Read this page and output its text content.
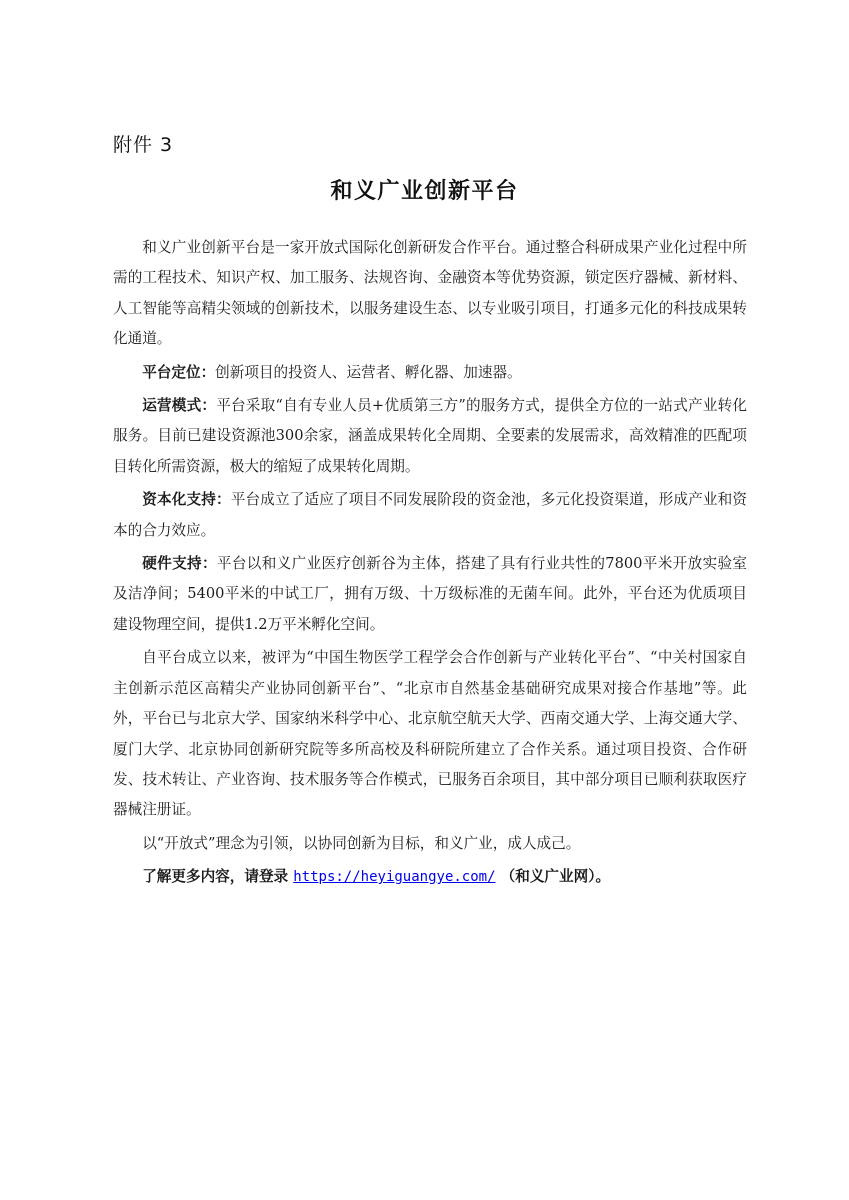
附件 3
和义广业创新平台

和义广业创新平台是一家开放式国际化创新研发合作平台。通过整合科研成果产业化过程中所需的工程技术、知识产权、加工服务、法规咨询、金融资本等优势资源，锁定医疗器械、新材料、人工智能等高精尖领域的创新技术，以服务建设生态、以专业吸引项目，打通多元化的科技成果转化通道。

平台定位：创新项目的投资人、运营者、孵化器、加速器。

运营模式：平台采取“自有专业人员+优质第三方”的服务方式，提供全方位的一站式产业转化服务。目前已建设资源池300余家，涵盖成果转化全周期、全要素的发展需求，高效精准的匹配项目转化所需资源，极大的缩短了成果转化周期。

资本化支持：平台成立了适应了项目不同发展阶段的资金池，多元化投资渠道，形成产业和资本的合力效应。

硬件支持：平台以和义广业医疗创新谷为主体，搭建了具有行业共性的7800平米开放实验室及洁净间；5400平米的中试工厂，拥有万级、十万级标准的无菌车间。此外，平台还为优质项目建设物理空间，提供1.2万平米孵化空间。

自平台成立以来，被评为“中国生物医学工程学会合作创新与产业转化平台”、“中关村国家自主创新示范区高精尖产业协同创新平台”、“北京市自然基金基础研究成果对接合作基地”等。此外，平台已与北京大学、国家纳米科学中心、北京航空航天大学、西南交通大学、上海交通大学、厦门大学、北京协同创新研究院等多所高校及科研院所建立了合作关系。通过项目投资、合作研发、技术转让、产业咨询、技术服务等合作模式，已服务百余项目，其中部分项目已顺利获取医疗器械注册证。

以“开放式”理念为引领，以协同创新为目标，和义广业，成人成己。

了解更多内容，请登录 https://heyiguangye.com/ （和义广业网）。
